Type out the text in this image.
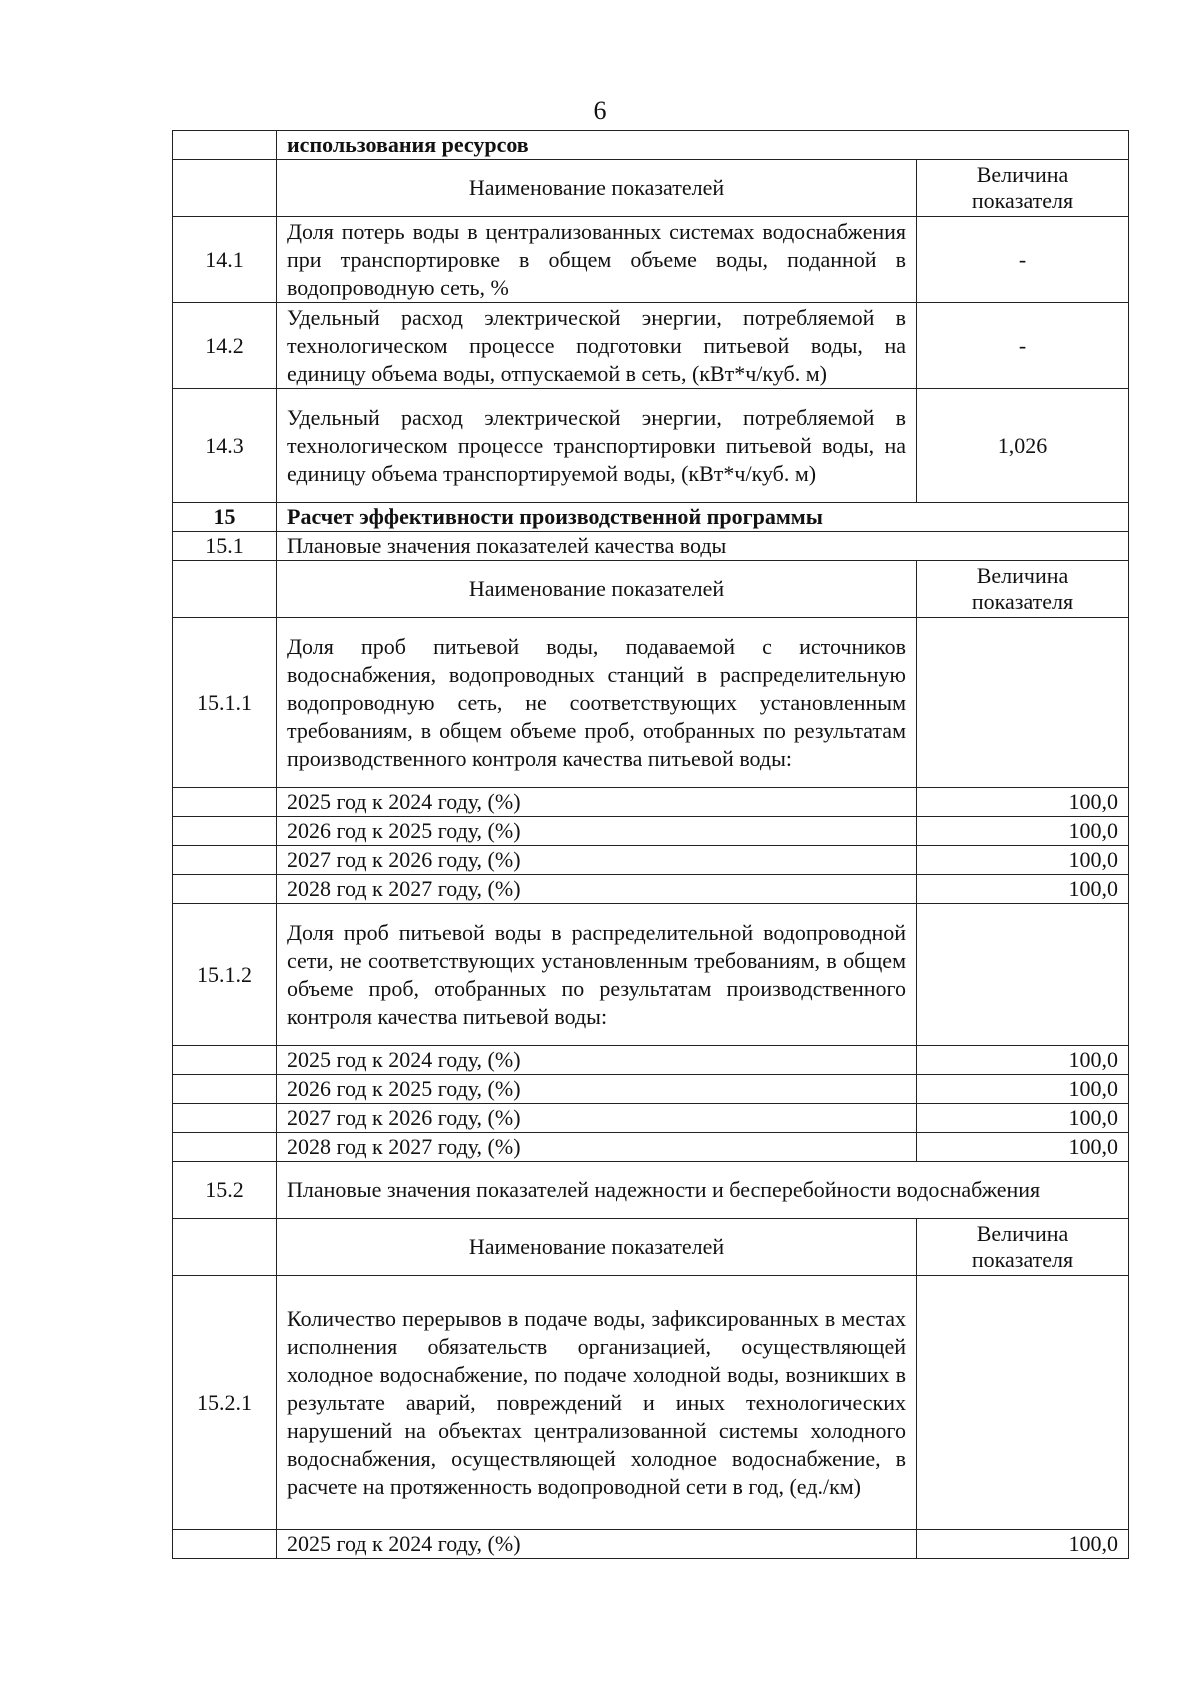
6
	использования ресурсов	
	Наименование показателей	Величина показателя
14.1	Доля потерь воды в централизованных системах водоснабжения при транспортировке в общем объеме воды, поданной в водопроводную сеть, %	-
14.2	Удельный расход электрической энергии, потребляемой в технологическом процессе подготовки питьевой воды, на единицу объема воды, отпускаемой в сеть, (кВт*ч/куб. м)	-
14.3	Удельный расход электрической энергии, потребляемой в технологическом процессе транспортировки питьевой воды, на единицу объема транспортируемой воды, (кВт*ч/куб. м)	1,026
15	Расчет эффективности производственной программы	
15.1	Плановые значения показателей качества воды	
	Наименование показателей	Величина показателя
15.1.1	Доля проб питьевой воды, подаваемой с источников водоснабжения, водопроводных станций в распределительную водопроводную сеть, не соответствующих установленным требованиям, в общем объеме проб, отобранных по результатам производственного контроля качества питьевой воды:	
	2025 год к 2024 году, (%)	100,0
	2026 год к 2025 году, (%)	100,0
	2027 год к 2026 году, (%)	100,0
	2028 год к 2027 году, (%)	100,0
15.1.2	Доля проб питьевой воды в распределительной водопроводной сети, не соответствующих установленным требованиям, в общем объеме проб, отобранных по результатам производственного контроля качества питьевой воды:	
	2025 год к 2024 году, (%)	100,0
	2026 год к 2025 году, (%)	100,0
	2027 год к 2026 году, (%)	100,0
	2028 год к 2027 году, (%)	100,0
15.2	Плановые значения показателей надежности и бесперебойности водоснабжения	
	Наименование показателей	Величина показателя
15.2.1	Количество перерывов в подаче воды, зафиксированных в местах исполнения обязательств организацией, осуществляющей холодное водоснабжение, по подаче холодной воды, возникших в результате аварий, повреждений и иных технологических нарушений на объектах централизованной системы холодного водоснабжения, осуществляющей холодное водоснабжение, в расчете на протяженность водопроводной сети в год, (ед./км)	
	2025 год к 2024 году, (%)	100,0
